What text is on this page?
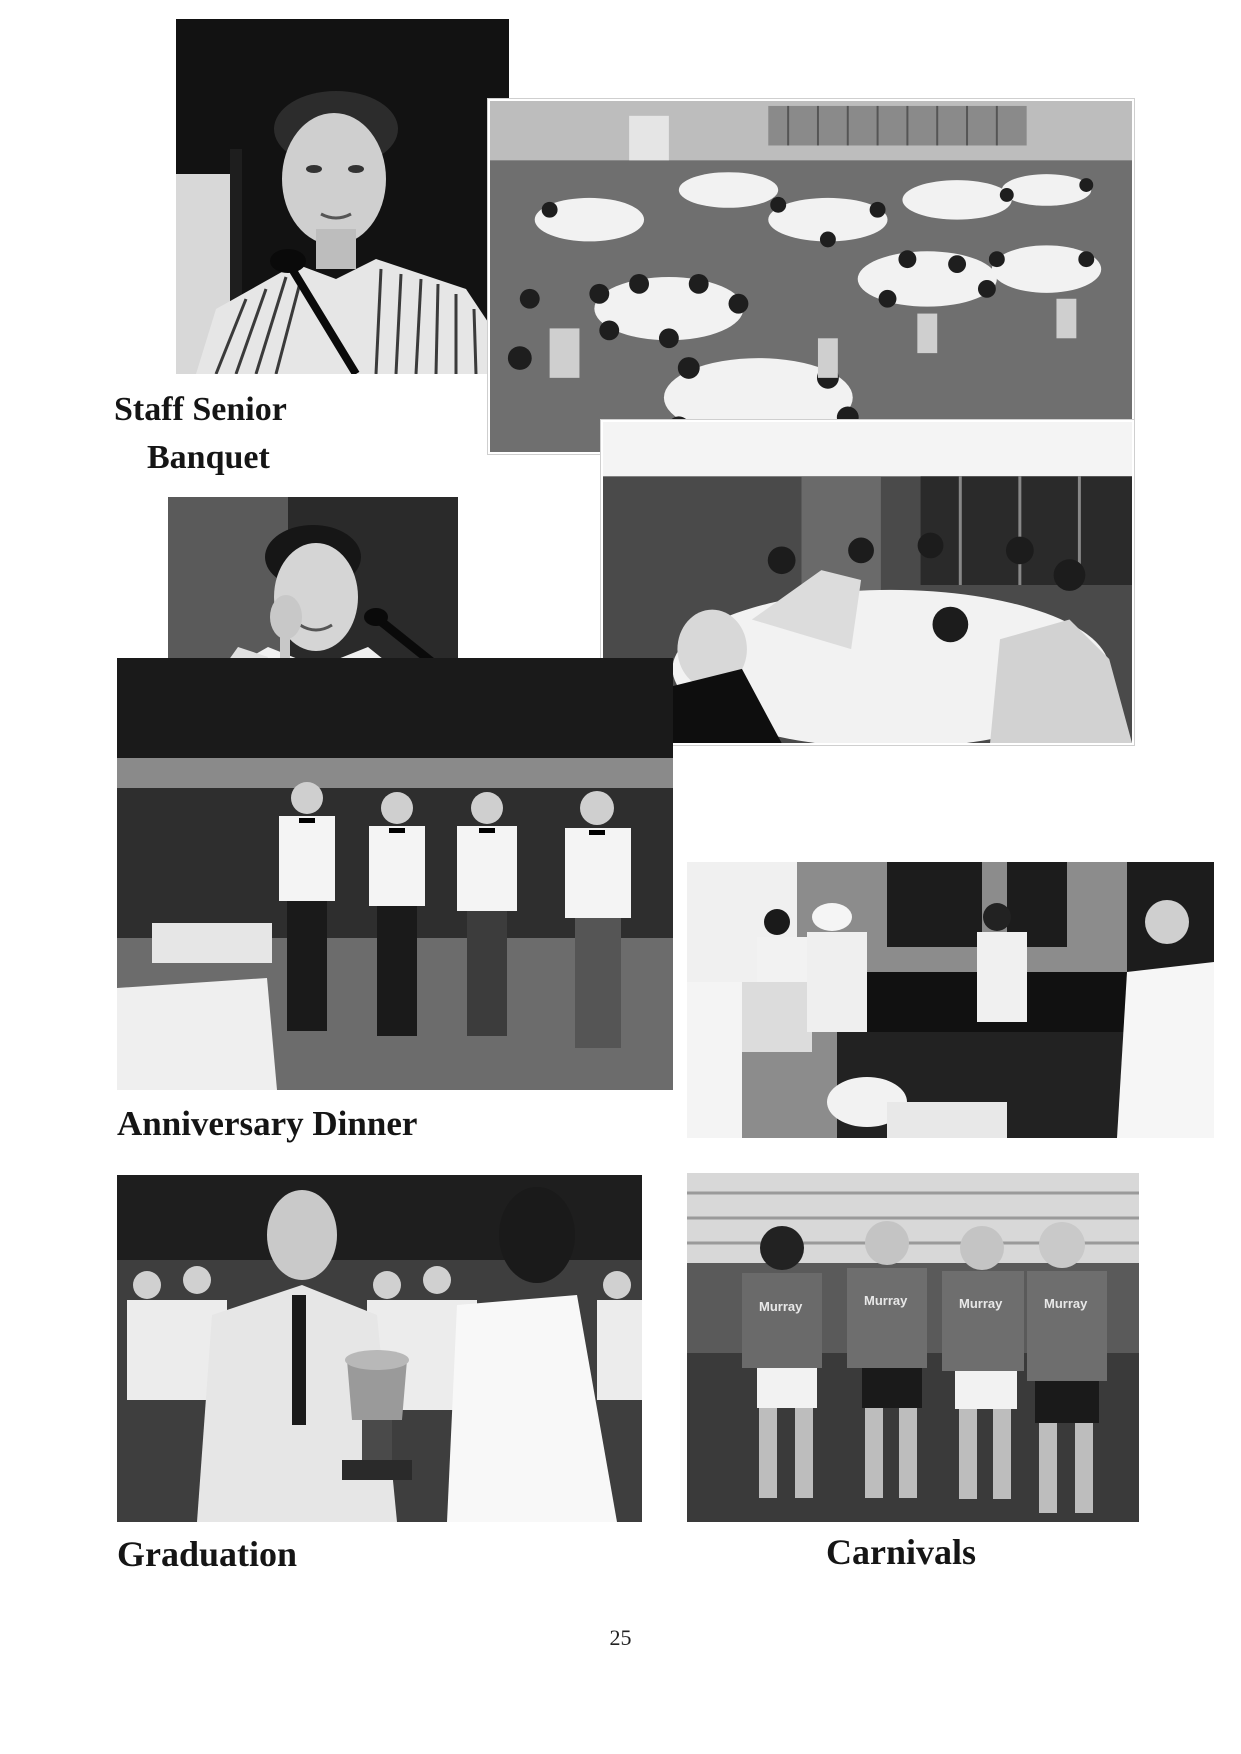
Murray	Murray	Murray	Murray
Staff Senior
Banquet
Anniversary Dinner
Graduation	Carnivals
25
